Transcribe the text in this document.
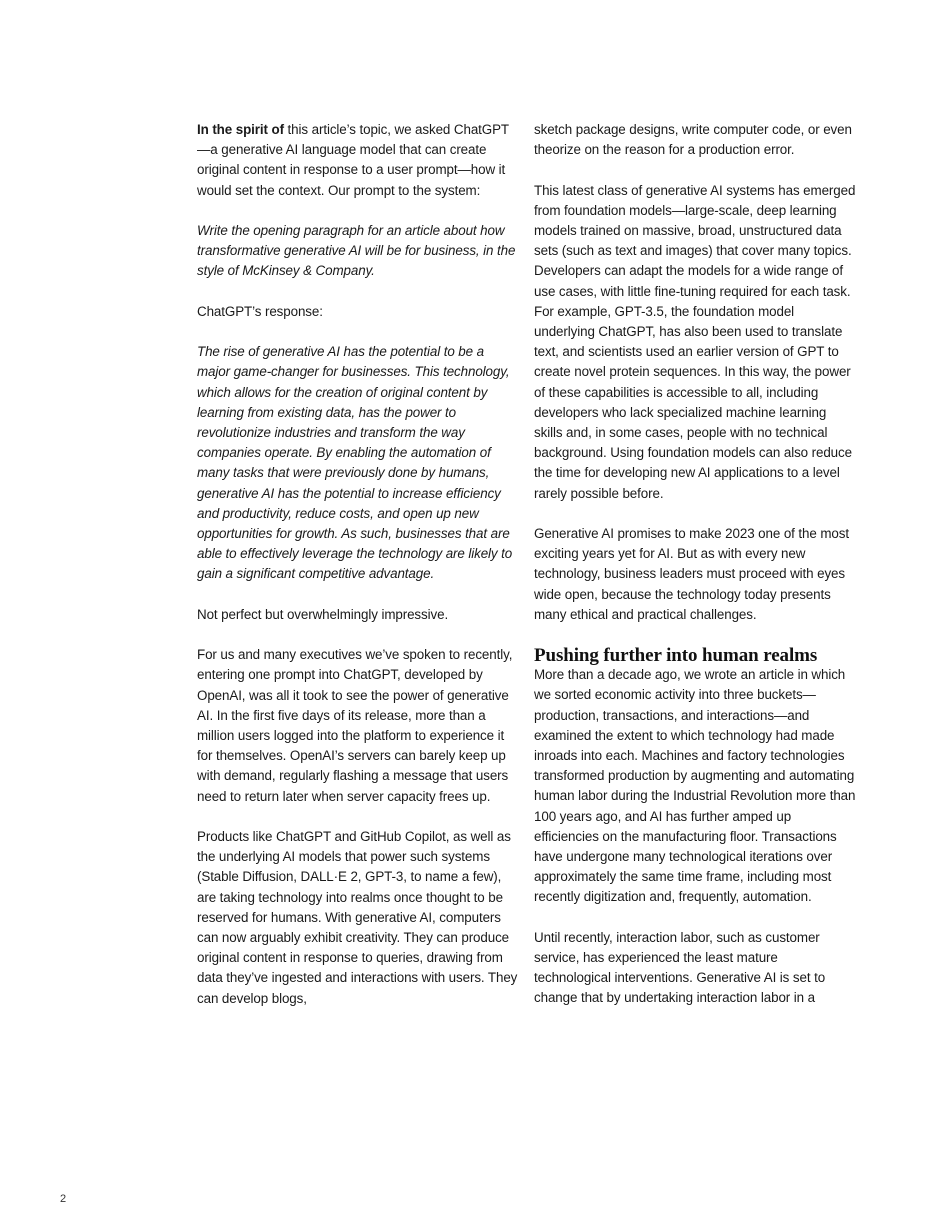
In the spirit of this article’s topic, we asked ChatGPT—a generative AI language model that can create original content in response to a user prompt—how it would set the context. Our prompt to the system:

Write the opening paragraph for an article about how transformative generative AI will be for business, in the style of McKinsey & Company.

ChatGPT’s response:

The rise of generative AI has the potential to be a major game-changer for businesses. This technology, which allows for the creation of original content by learning from existing data, has the power to revolutionize industries and transform the way companies operate. By enabling the automation of many tasks that were previously done by humans, generative AI has the potential to increase efficiency and productivity, reduce costs, and open up new opportunities for growth. As such, businesses that are able to effectively leverage the technology are likely to gain a significant competitive advantage.

Not perfect but overwhelmingly impressive.

For us and many executives we’ve spoken to recently, entering one prompt into ChatGPT, developed by OpenAI, was all it took to see the power of generative AI. In the first five days of its release, more than a million users logged into the platform to experience it for themselves. OpenAI’s servers can barely keep up with demand, regularly flashing a message that users need to return later when server capacity frees up.

Products like ChatGPT and GitHub Copilot, as well as the underlying AI models that power such systems (Stable Diffusion, DALL·E 2, GPT-3, to name a few), are taking technology into realms once thought to be reserved for humans. With generative AI, computers can now arguably exhibit creativity. They can produce original content in response to queries, drawing from data they’ve ingested and interactions with users. They can develop blogs,

sketch package designs, write computer code, or even theorize on the reason for a production error.

This latest class of generative AI systems has emerged from foundation models—large-scale, deep learning models trained on massive, broad, unstructured data sets (such as text and images) that cover many topics. Developers can adapt the models for a wide range of use cases, with little fine-tuning required for each task. For example, GPT-3.5, the foundation model underlying ChatGPT, has also been used to translate text, and scientists used an earlier version of GPT to create novel protein sequences. In this way, the power of these capabilities is accessible to all, including developers who lack specialized machine learning skills and, in some cases, people with no technical background. Using foundation models can also reduce the time for developing new AI applications to a level rarely possible before.

Generative AI promises to make 2023 one of the most exciting years yet for AI. But as with every new technology, business leaders must proceed with eyes wide open, because the technology today presents many ethical and practical challenges.

Pushing further into human realms

More than a decade ago, we wrote an article in which we sorted economic activity into three buckets—production, transactions, and interactions—and examined the extent to which technology had made inroads into each. Machines and factory technologies transformed production by augmenting and automating human labor during the Industrial Revolution more than 100 years ago, and AI has further amped up efficiencies on the manufacturing floor. Transactions have undergone many technological iterations over approximately the same time frame, including most recently digitization and, frequently, automation.

Until recently, interaction labor, such as customer service, has experienced the least mature technological interventions. Generative AI is set to change that by undertaking interaction labor in a

2
